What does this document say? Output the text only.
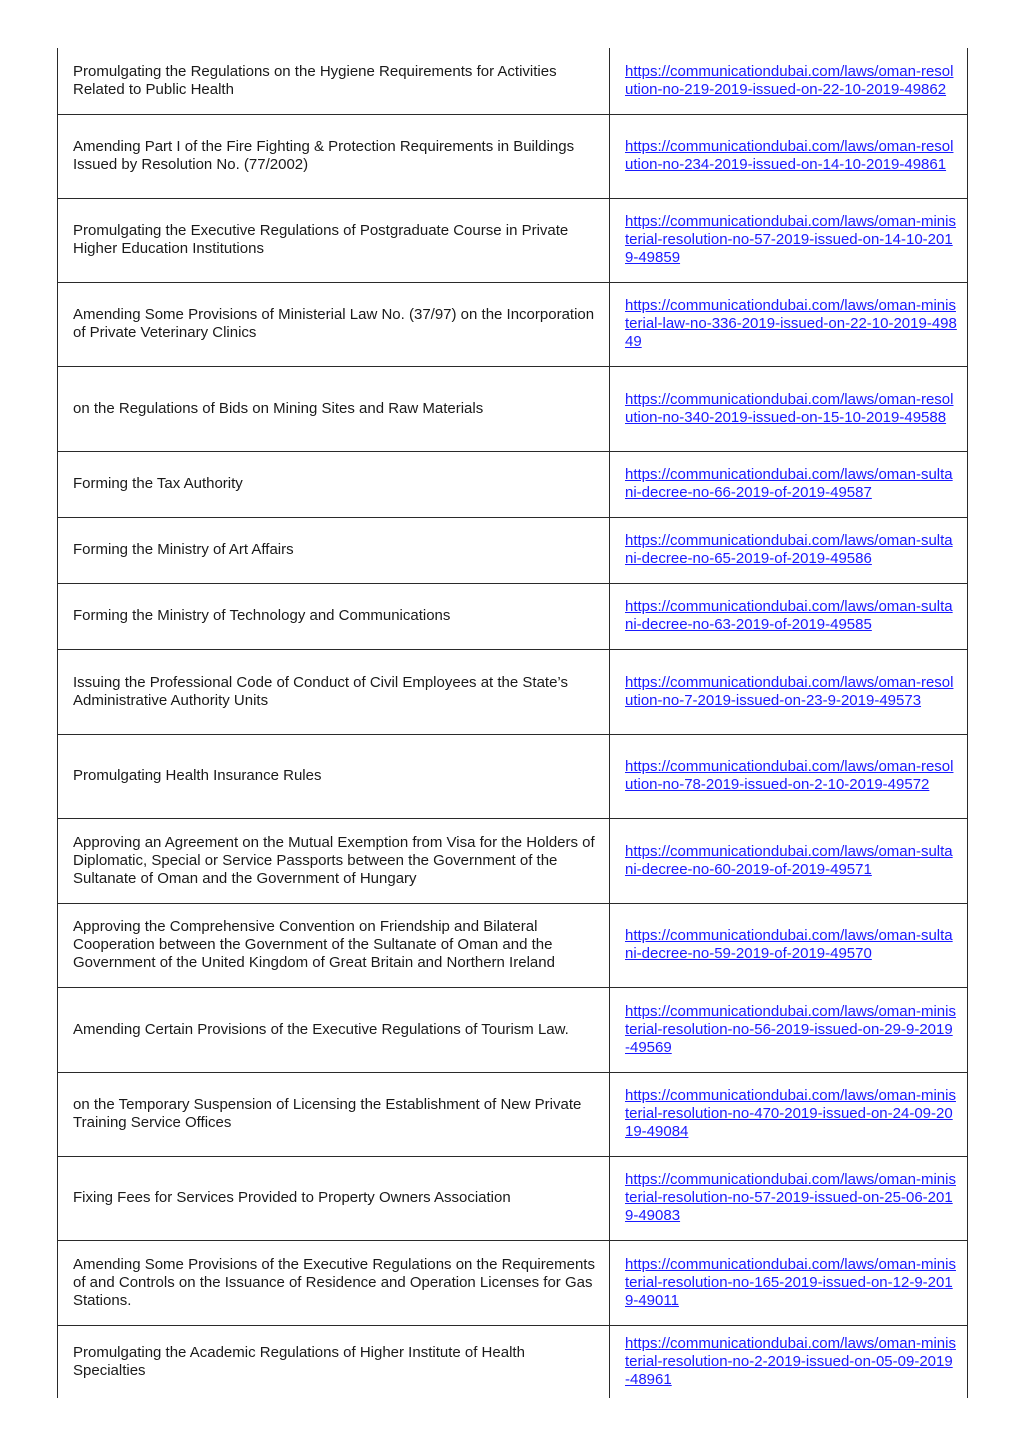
Promulgating the Regulations on the Hygiene Requirements for Activities Related to Public Health	https://communicationdubai.com/laws/oman-resolution-no-219-2019-issued-on-22-10-2019-49862

Amending Part I of the Fire Fighting & Protection Requirements in Buildings Issued by Resolution No. (77/2002)	https://communicationdubai.com/laws/oman-resolution-no-234-2019-issued-on-14-10-2019-49861

Promulgating the Executive Regulations of Postgraduate Course in Private Higher Education Institutions	https://communicationdubai.com/laws/oman-ministerial-resolution-no-57-2019-issued-on-14-10-2019-49859

Amending Some Provisions of Ministerial Law No. (37/97) on the Incorporation of Private Veterinary Clinics	https://communicationdubai.com/laws/oman-ministerial-law-no-336-2019-issued-on-22-10-2019-49849

on the Regulations of Bids on Mining Sites and Raw Materials	https://communicationdubai.com/laws/oman-resolution-no-340-2019-issued-on-15-10-2019-49588

Forming the Tax Authority	https://communicationdubai.com/laws/oman-sultani-decree-no-66-2019-of-2019-49587

Forming the Ministry of Art Affairs	https://communicationdubai.com/laws/oman-sultani-decree-no-65-2019-of-2019-49586

Forming the Ministry of Technology and Communications	https://communicationdubai.com/laws/oman-sultani-decree-no-63-2019-of-2019-49585

Issuing the Professional Code of Conduct of Civil Employees at the State’s Administrative Authority Units	https://communicationdubai.com/laws/oman-resolution-no-7-2019-issued-on-23-9-2019-49573

Promulgating Health Insurance Rules	https://communicationdubai.com/laws/oman-resolution-no-78-2019-issued-on-2-10-2019-49572

Approving an Agreement on the Mutual Exemption from Visa for the Holders of Diplomatic, Special or Service Passports between the Government of the Sultanate of Oman and the Government of Hungary	https://communicationdubai.com/laws/oman-sultani-decree-no-60-2019-of-2019-49571

Approving the Comprehensive Convention on Friendship and Bilateral Cooperation between the Government of the Sultanate of Oman and the Government of the United Kingdom of Great Britain and Northern Ireland	https://communicationdubai.com/laws/oman-sultani-decree-no-59-2019-of-2019-49570

Amending Certain Provisions of the Executive Regulations of Tourism Law.	https://communicationdubai.com/laws/oman-ministerial-resolution-no-56-2019-issued-on-29-9-2019-49569

on the Temporary Suspension of Licensing the Establishment of New Private Training Service Offices	https://communicationdubai.com/laws/oman-ministerial-resolution-no-470-2019-issued-on-24-09-2019-49084

Fixing Fees for Services Provided to Property Owners Association	https://communicationdubai.com/laws/oman-ministerial-resolution-no-57-2019-issued-on-25-06-2019-49083

Amending Some Provisions of the Executive Regulations on the Requirements of and Controls on the Issuance of Residence and Operation Licenses for Gas Stations.	https://communicationdubai.com/laws/oman-ministerial-resolution-no-165-2019-issued-on-12-9-2019-49011

Promulgating the Academic Regulations of Higher Institute of Health Specialties	https://communicationdubai.com/laws/oman-ministerial-resolution-no-2-2019-issued-on-05-09-2019-48961
